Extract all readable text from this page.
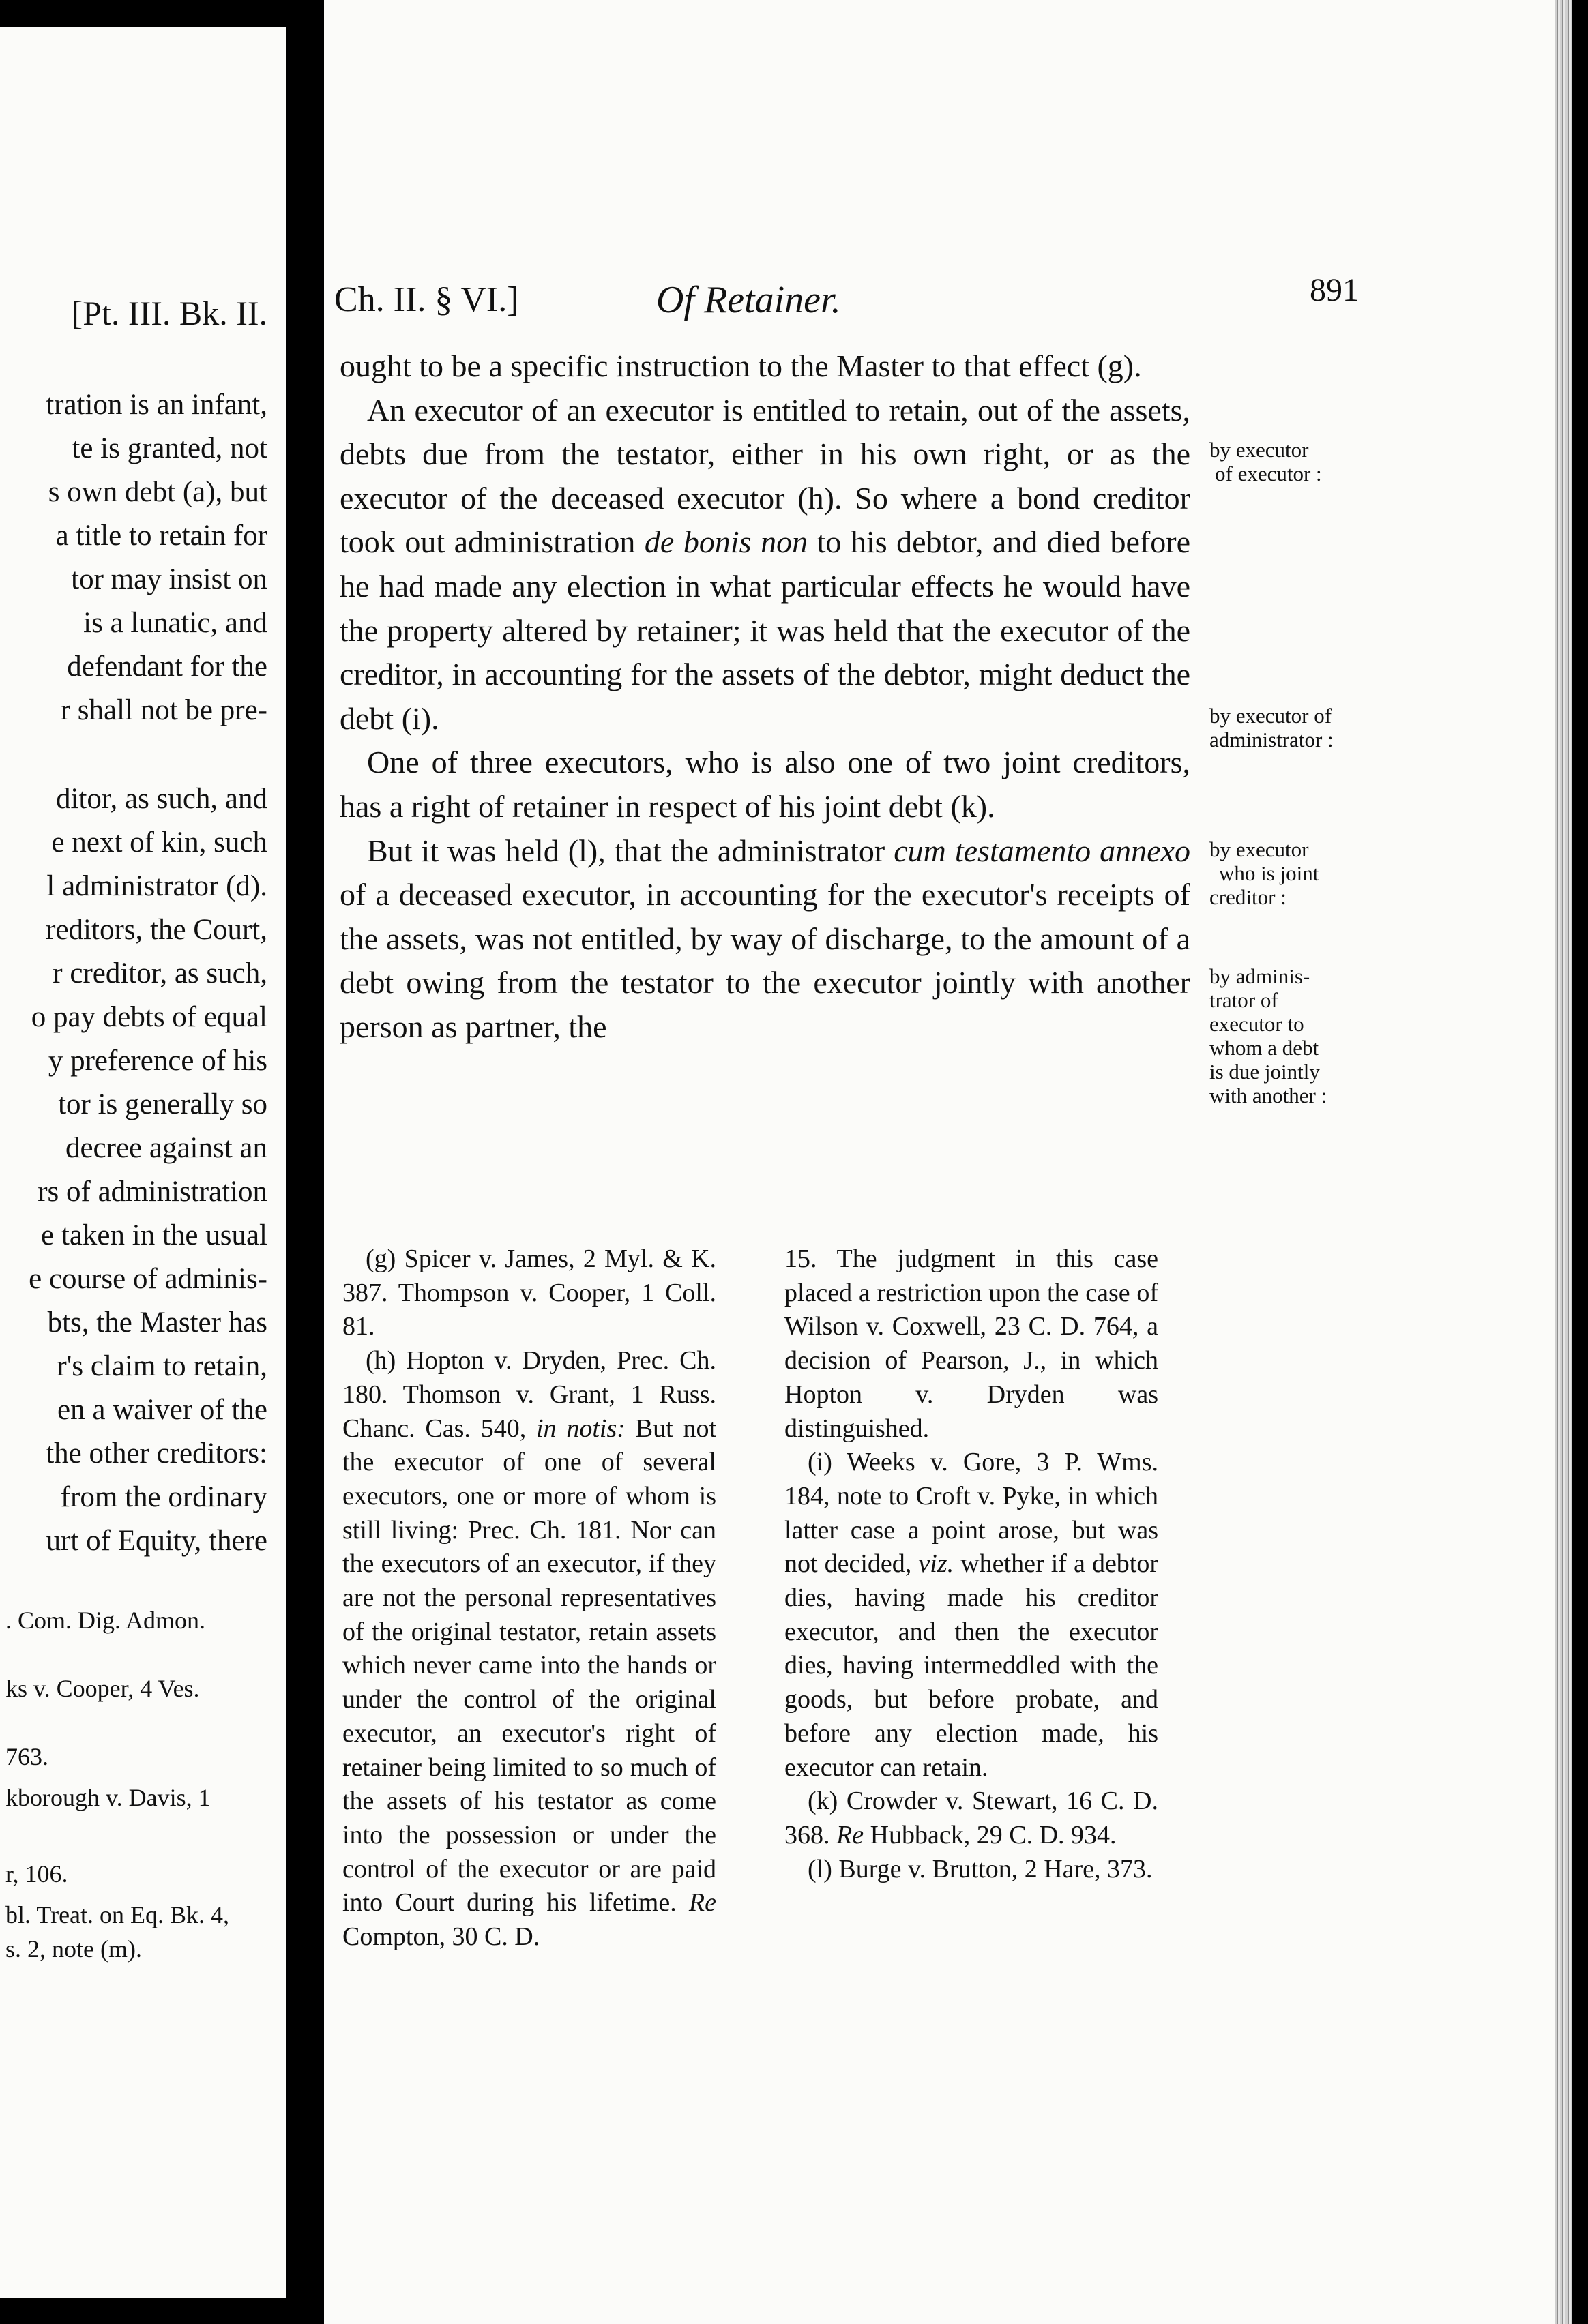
[Pt. III. Bk. II.
tration is an infant,
te is granted, not
s own debt (a), but
a title to retain for
tor may insist on
is a lunatic, and
defendant for the
r shall not be pre-
ditor, as such, and
e next of kin, such
l administrator (d).
reditors, the Court,
r creditor, as such,
o pay debts of equal
y preference of his
tor is generally so
decree against an
rs of administration
e taken in the usual
e course of adminis-
bts, the Master has
r's claim to retain,
en a waiver of the
the other creditors:
from the ordinary
urt of Equity, there
. Com. Dig. Admon.
ks v. Cooper, 4 Ves.
763.
kborough v. Davis, 1
r, 106.
bl. Treat. on Eq. Bk. 4,
s. 2, note (m).
Ch. II. § VI.]	Of Retainer.	891

ought to be a specific instruction to the Master to that effect (g).

An executor of an executor is entitled to retain, out of the assets, debts due from the testator, either in his own right, or as the executor of the deceased executor (h). So where a bond creditor took out administration de bonis non to his debtor, and died before he had made any election in what particular effects he would have the property altered by retainer; it was held that the executor of the creditor, in accounting for the assets of the debtor, might deduct the debt (i).

One of three executors, who is also one of two joint creditors, has a right of retainer in respect of his joint debt (k).

But it was held (l), that the administrator cum testamento annexo of a deceased executor, in accounting for the executor's receipts of the assets, was not entitled, by way of discharge, to the amount of a debt owing from the testator to the executor jointly with another person as partner, the

by executor
of executor :
by executor of
administrator :
by executor
who is joint
creditor :
by adminis-
trator of
executor to
whom a debt
is due jointly
with another :

(g) Spicer v. James, 2 Myl. & K. 387. Thompson v. Cooper, 1 Coll. 81.

(h) Hopton v. Dryden, Prec. Ch. 180. Thomson v. Grant, 1 Russ. Chanc. Cas. 540, in notis: But not the executor of one of several executors, one or more of whom is still living: Prec. Ch. 181. Nor can the executors of an executor, if they are not the personal representatives of the original testator, retain assets which never came into the hands or under the control of the original executor, an executor's right of retainer being limited to so much of the assets of his testator as come into the possession or under the control of the executor or are paid into Court during his lifetime. Re Compton, 30 C. D.

15. The judgment in this case placed a restriction upon the case of Wilson v. Coxwell, 23 C. D. 764, a decision of Pearson, J., in which Hopton v. Dryden was distinguished.

(i) Weeks v. Gore, 3 P. Wms. 184, note to Croft v. Pyke, in which latter case a point arose, but was not decided, viz. whether if a debtor dies, having made his creditor executor, and then the executor dies, having intermeddled with the goods, but before probate, and before any election made, his executor can retain.

(k) Crowder v. Stewart, 16 C. D. 368. Re Hubback, 29 C. D. 934.

(l) Burge v. Brutton, 2 Hare, 373.
